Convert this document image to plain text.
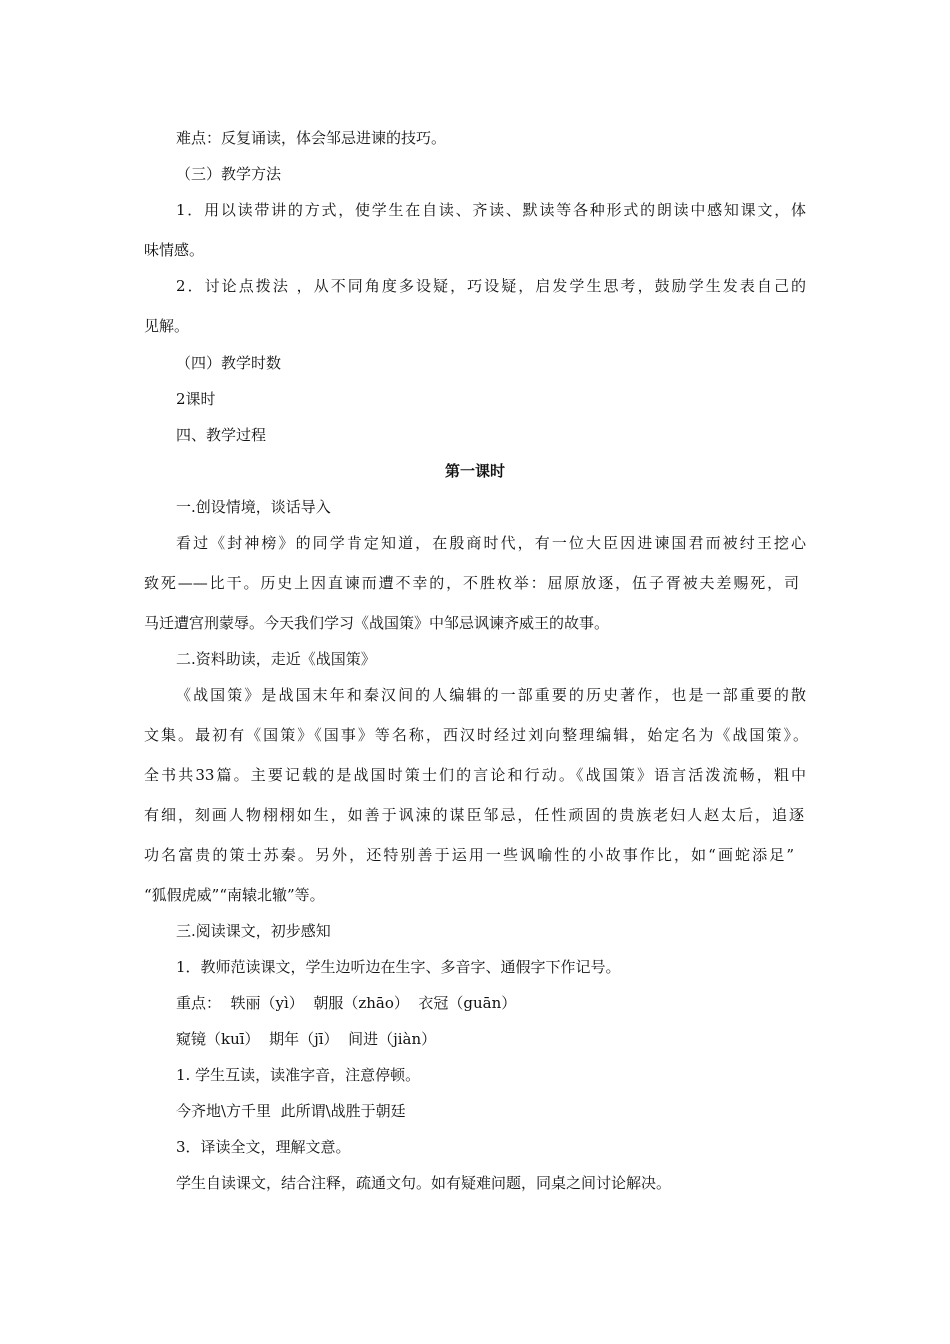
难点：反复诵读，体会邹忌进谏的技巧。
（三）教学方法
1．用以读带讲的方式，使学生在自读、齐读、默读等各种形式的朗读中感知课文，体
味情感。
2．讨论点拨法 ，从不同角度多设疑，巧设疑，启发学生思考，鼓励学生发表自己的
见解。
（四）教学时数
2课时
四、教学过程
第一课时
一.创设情境，谈话导入
看过《封神榜》的同学肯定知道，在殷商时代，有一位大臣因进谏国君而被纣王挖心
致死——比干。历史上因直谏而遭不幸的，不胜枚举：屈原放逐，伍子胥被夫差赐死，司
马迁遭宫刑蒙辱。今天我们学习《战国策》中邹忌讽谏齐威王的故事。
二.资料助读，走近《战国策》
《战国策》是战国末年和秦汉间的人编辑的一部重要的历史著作，也是一部重要的散
文集。最初有《国策》《国事》等名称，西汉时经过刘向整理编辑，始定名为《战国策》。
全书共33篇。主要记载的是战国时策士们的言论和行动。《战国策》语言活泼流畅，粗中
有细，刻画人物栩栩如生，如善于讽涑的谋臣邹忌，任性顽固的贵族老妇人赵太后，追逐
功名富贵的策士苏秦。另外，还特别善于运用一些讽喻性的小故事作比，如“画蛇添足”
“狐假虎威”“南辕北辙”等。
三.阅读课文，初步感知
1．教师范读课文，学生边听边在生字、多音字、通假字下作记号。
重点：  轶丽（yì）  朝服（zhāo）  衣冠（guān）
窥镜（kuī）  期年（jī）  间进（jiàn）
1. 学生互读，读准字音，注意停顿。
今齐地\方千里  此所谓\战胜于朝廷
3．译读全文，理解文意。
学生自读课文，结合注释，疏通文句。如有疑难问题，同桌之间讨论解决。
